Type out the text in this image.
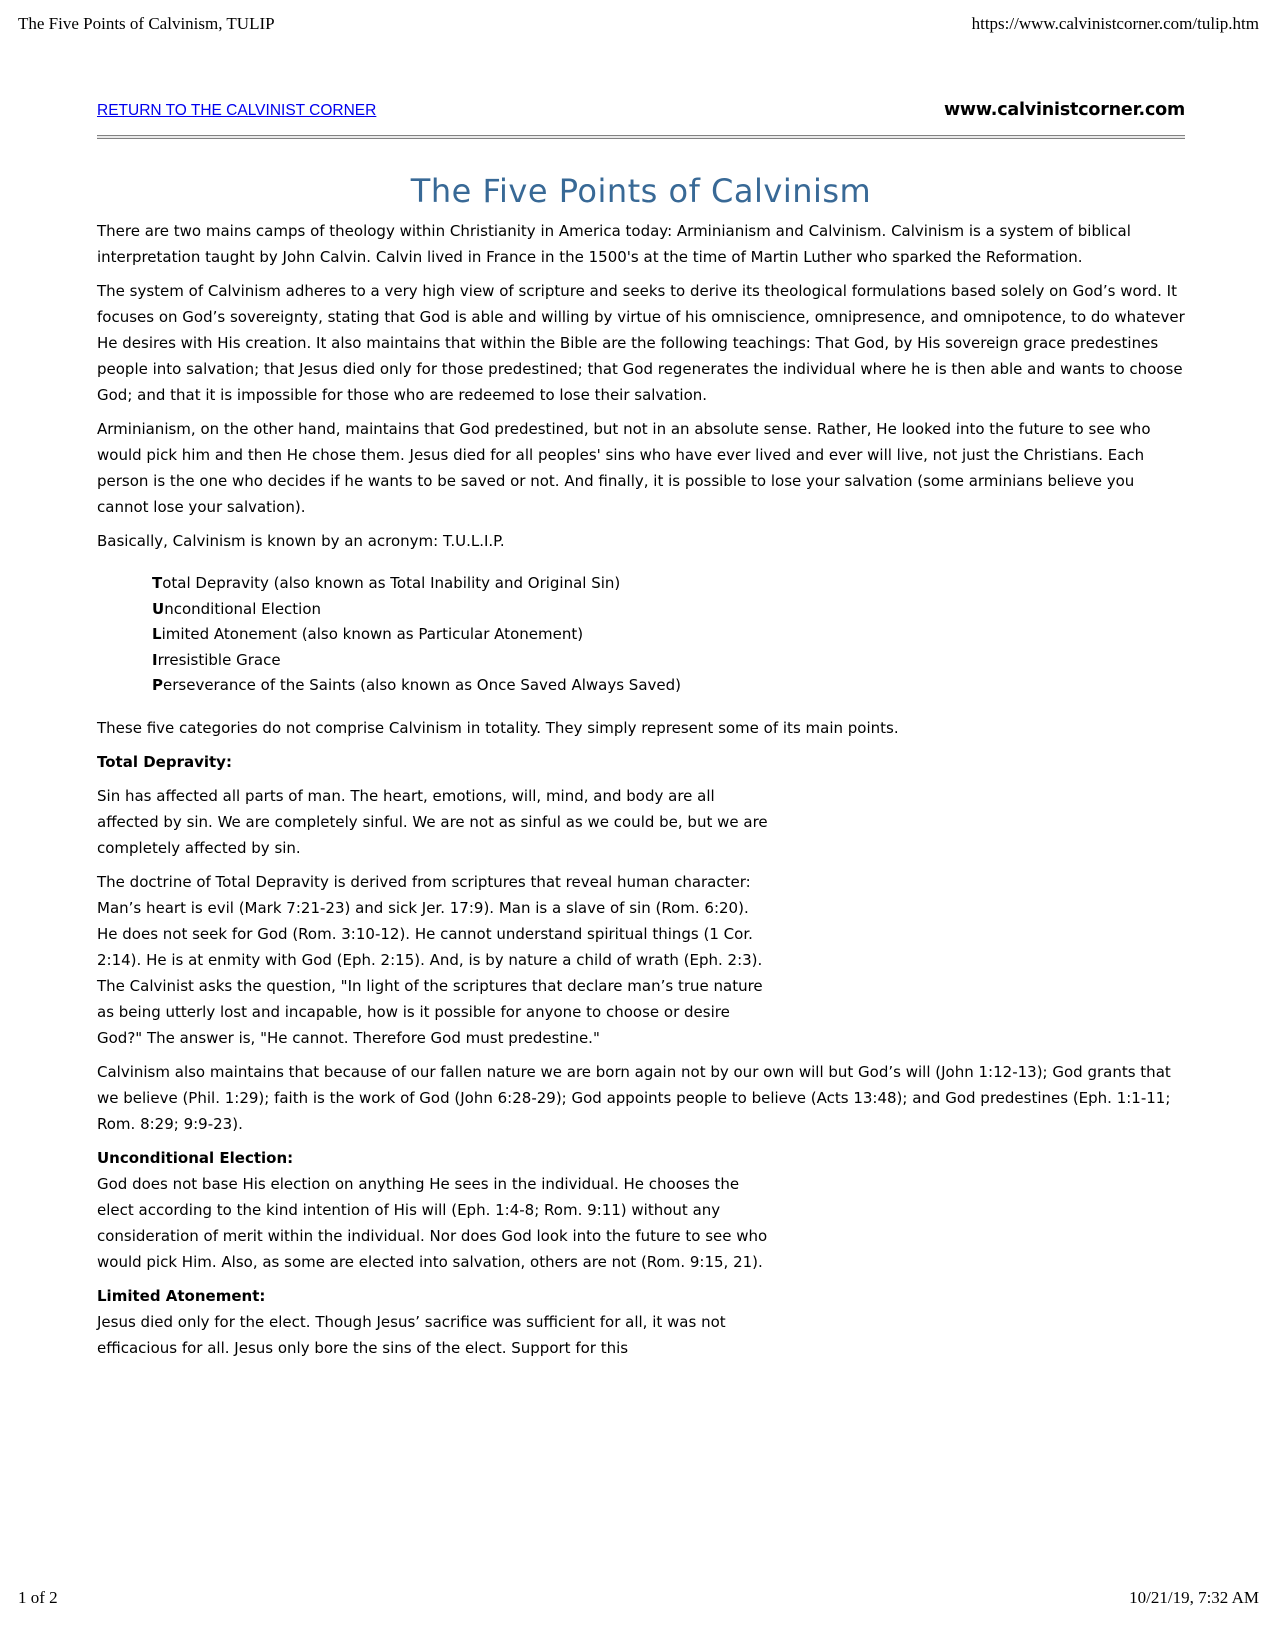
The Five Points of Calvinism, TULIP	https://www.calvinistcorner.com/tulip.htm
RETURN TO THE CALVINIST CORNER	www.calvinistcorner.com
The Five Points of Calvinism

There are two mains camps of theology within Christianity in America today: Arminianism and Calvinism. Calvinism is a system of biblical interpretation taught by John Calvin. Calvin lived in France in the 1500's at the time of Martin Luther who sparked the Reformation.

The system of Calvinism adheres to a very high view of scripture and seeks to derive its theological formulations based solely on God’s word. It focuses on God’s sovereignty, stating that God is able and willing by virtue of his omniscience, omnipresence, and omnipotence, to do whatever He desires with His creation. It also maintains that within the Bible are the following teachings: That God, by His sovereign grace predestines people into salvation; that Jesus died only for those predestined; that God regenerates the individual where he is then able and wants to choose God; and that it is impossible for those who are redeemed to lose their salvation.

Arminianism, on the other hand, maintains that God predestined, but not in an absolute sense. Rather, He looked into the future to see who would pick him and then He chose them. Jesus died for all peoples' sins who have ever lived and ever will live, not just the Christians. Each person is the one who decides if he wants to be saved or not. And finally, it is possible to lose your salvation (some arminians believe you cannot lose your salvation).

Basically, Calvinism is known by an acronym: T.U.L.I.P.

Total Depravity (also known as Total Inability and Original Sin)
Unconditional Election
Limited Atonement (also known as Particular Atonement)
Irresistible Grace
Perseverance of the Saints (also known as Once Saved Always Saved)

These five categories do not comprise Calvinism in totality. They simply represent some of its main points.

Total Depravity:

Sin has affected all parts of man. The heart, emotions, will, mind, and body are all affected by sin. We are completely sinful. We are not as sinful as we could be, but we are completely affected by sin.

The doctrine of Total Depravity is derived from scriptures that reveal human character: Man’s heart is evil (Mark 7:21-23) and sick Jer. 17:9). Man is a slave of sin (Rom. 6:20). He does not seek for God (Rom. 3:10-12). He cannot understand spiritual things (1 Cor. 2:14). He is at enmity with God (Eph. 2:15). And, is by nature a child of wrath (Eph. 2:3). The Calvinist asks the question, "In light of the scriptures that declare man’s true nature as being utterly lost and incapable, how is it possible for anyone to choose or desire God?" The answer is, "He cannot. Therefore God must predestine."

Calvinism also maintains that because of our fallen nature we are born again not by our own will but God’s will (John 1:12-13); God grants that we believe (Phil. 1:29); faith is the work of God (John 6:28-29); God appoints people to believe (Acts 13:48); and God predestines (Eph. 1:1-11; Rom. 8:29; 9:9-23).

Unconditional Election:

God does not base His election on anything He sees in the individual. He chooses the elect according to the kind intention of His will (Eph. 1:4-8; Rom. 9:11) without any consideration of merit within the individual. Nor does God look into the future to see who would pick Him. Also, as some are elected into salvation, others are not (Rom. 9:15, 21).

Limited Atonement:
Jesus died only for the elect. Though Jesus’ sacrifice was sufficient for all, it was not efficacious for all. Jesus only bore the sins of the elect. Support for this

1 of 2	10/21/19, 7:32 AM
